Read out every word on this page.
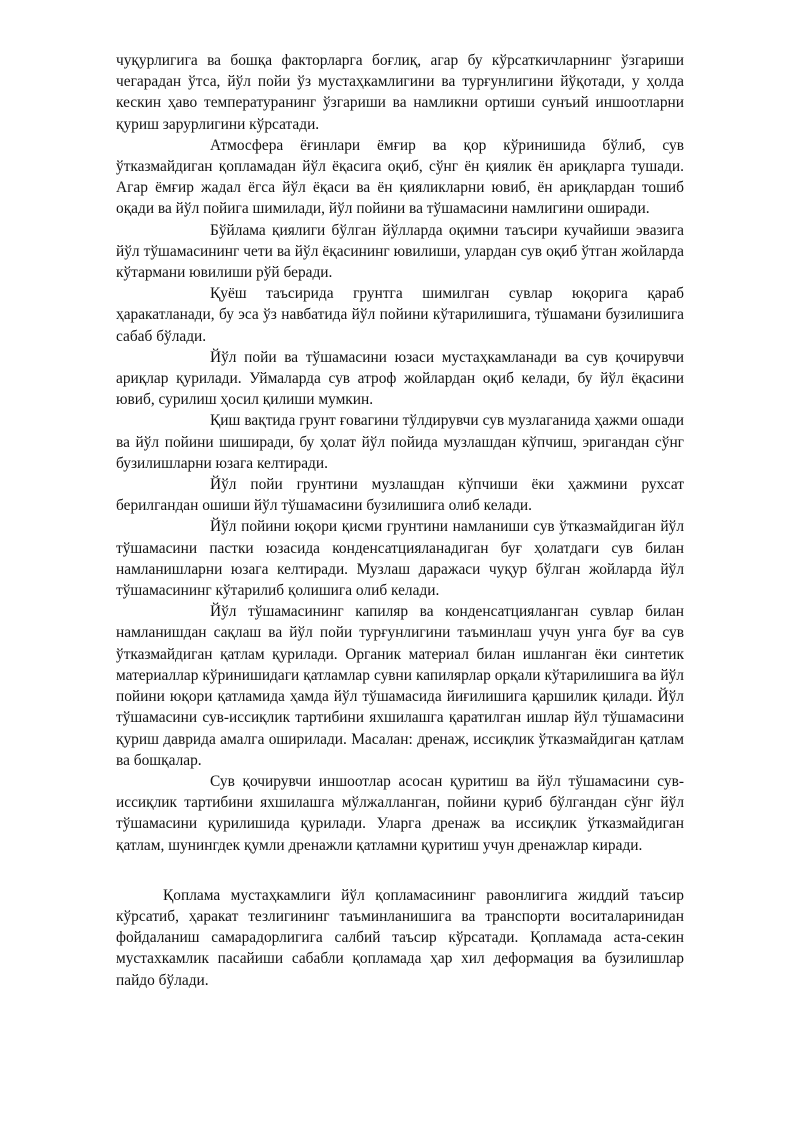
чуқурлигига ва бошқа факторларга боғлиқ, агар бу кўрсаткичларнинг ўзгариши чегарадан ўтса, йўл пойи ўз мустаҳкамлигини ва турғунлигини йўқотади, у ҳолда кескин ҳаво температуранинг ўзгариши ва намликни ортиши сунъий иншоотларни қуриш зарурлигини кўрсатади.

Атмосфера ёғинлари ёмғир ва қор кўринишида бўлиб, сув ўтказмайдиган қопламадан йўл ёқасига оқиб, сўнг ён қиялик ён ариқларга тушади. Агар ёмғир жадал ёгса йўл ёқаси ва ён қияликларни ювиб, ён ариқлардан тошиб оқади ва йўл пойига шимилади, йўл пойини ва тўшамасини намлигини оширади.

Бўйлама қиялиги бўлган йўлларда оқимни таъсири кучайиши эвазига йўл тўшамасининг чети ва йўл ёқасининг ювилиши, улардан сув оқиб ўтган жойларда кўтармани ювилиши рўй беради.

Қуёш таъсирида грунтга шимилган сувлар юқорига қараб ҳаракатланади, бу эса ўз навбатида йўл пойини кўтарилишига, тўшамани бузилишига сабаб бўлади.

Йўл пойи ва тўшамасини юзаси мустаҳкамланади ва сув қочирувчи ариқлар қурилади. Уймаларда сув атроф жойлардан оқиб келади, бу йўл ёқасини ювиб, сурилиш ҳосил қилиши мумкин.

Қиш вақтида грунт ғовагини тўлдирувчи сув музлаганида ҳажми ошади ва йўл пойини шиширади, бу ҳолат йўл пойида музлашдан кўпчиш, эригандан сўнг бузилишларни юзага келтиради.

Йўл пойи грунтини музлашдан кўпчиши ёки ҳажмини рухсат берилгандан ошиши йўл тўшамасини бузилишига олиб келади.

Йўл пойини юқори қисми грунтини намланиши сув ўтказмайдиган йўл тўшамасини пастки юзасида конденсатцияланадиган буғ ҳолатдаги сув билан намланишларни юзага келтиради. Музлаш даражаси чуқур бўлган жойларда йўл тўшамасининг кўтарилиб қолишига олиб келади.

Йўл тўшамасининг капиляр ва конденсатцияланган сувлар билан намланишдан сақлаш ва йўл пойи турғунлигини таъминлаш учун унга буғ ва сув ўтказмайдиган қатлам қурилади. Органик материал билан ишланган ёки синтетик материаллар кўринишидаги қатламлар сувни капилярлар орқали кўтарилишига ва йўл пойини юқори қатламида ҳамда йўл тўшамасида йиғилишига қаршилик қилади. Йўл тўшамасини сув-иссиқлик тартибини яхшилашга қаратилган ишлар йўл тўшамасини қуриш даврида амалга оширилади. Масалан: дренаж, иссиқлик ўтказмайдиган қатлам ва бошқалар.

Сув қочирувчи иншоотлар асосан қуритиш ва йўл тўшамасини сув-иссиқлик тартибини яхшилашга мўлжалланган, пойини қуриб бўлгандан сўнг йўл тўшамасини қурилишида қурилади. Уларга дренаж ва иссиқлик ўтказмайдиган қатлам, шунингдек қумли дренажли қатламни қуритиш учун дренажлар киради.

Қоплама мустаҳкамлиги йўл қопламасининг равонлигига жиддий таъсир кўрсатиб, ҳаракат тезлигининг таъминланишига ва транспорти воситаларинидан фойдаланиш самарадорлигига салбий таъсир кўрсатади. Қопламада аста-секин мустахкамлик пасайиши сабабли қопламада ҳар хил деформация ва бузилишлар пайдо бўлади.
